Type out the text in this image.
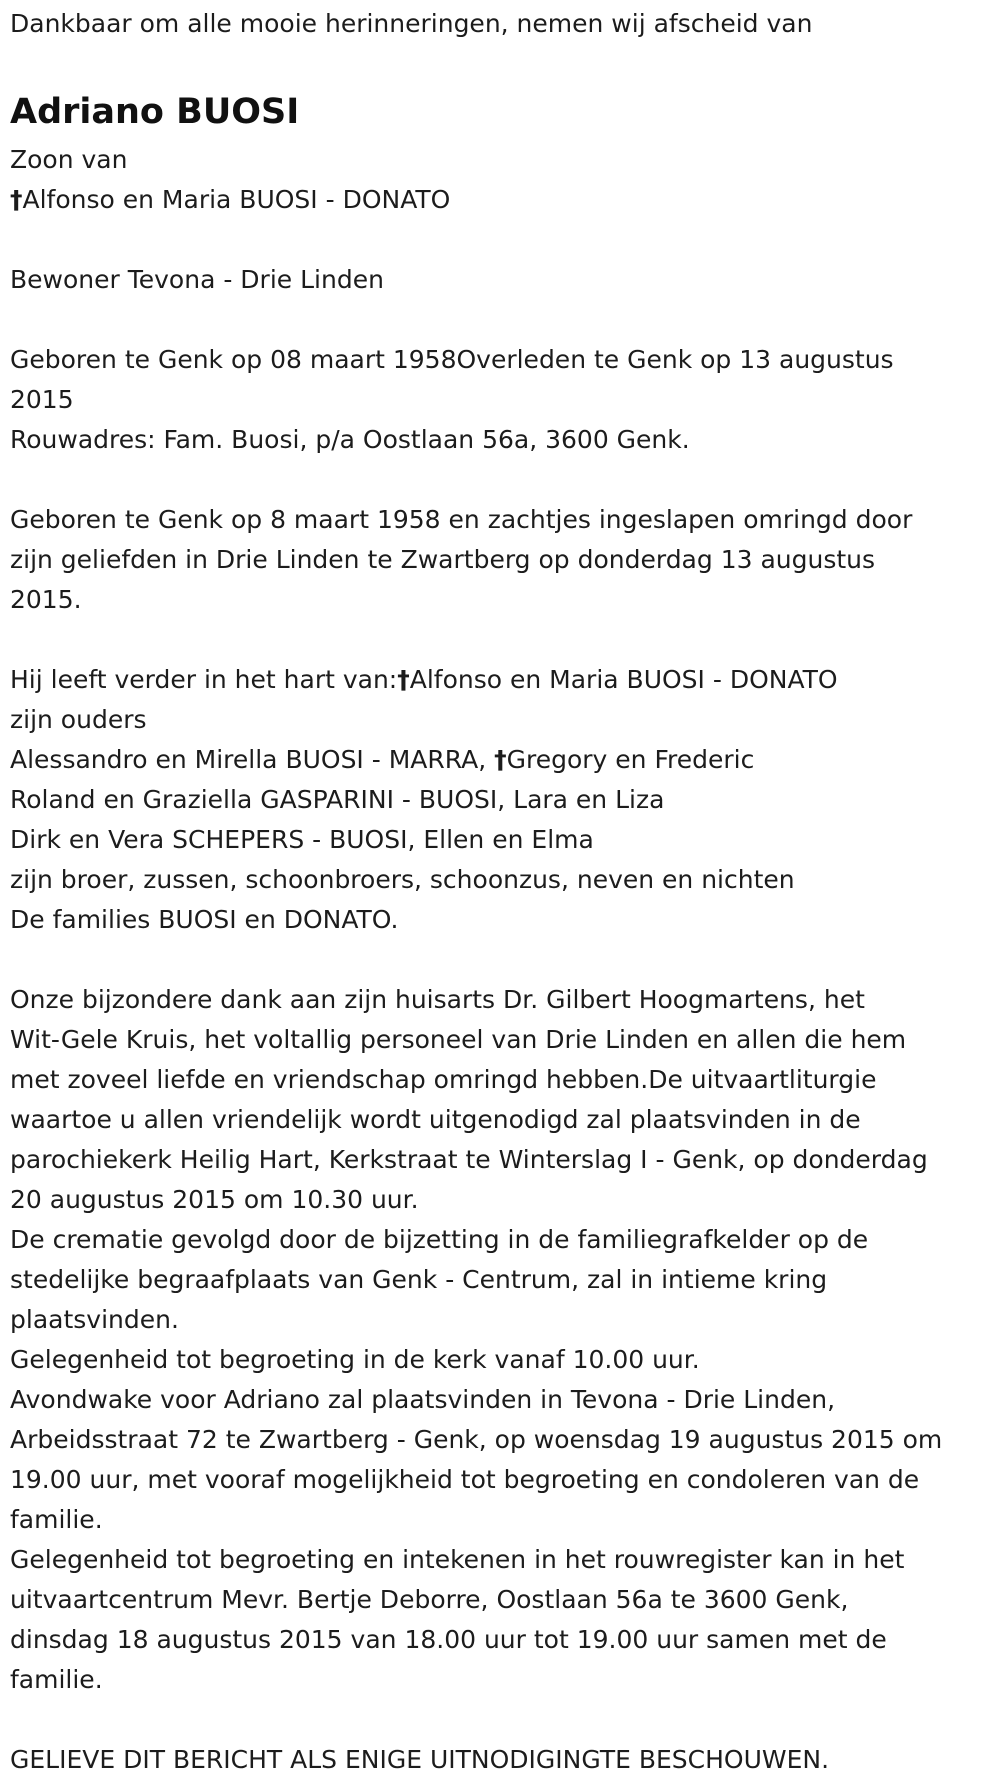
Dankbaar om alle mooie herinneringen, nemen wij afscheid van
Adriano BUOSI
Zoon van
†Alfonso en Maria BUOSI - DONATO
Bewoner Tevona - Drie Linden
Geboren te Genk op 08 maart 1958Overleden te Genk op 13 augustus
2015
Rouwadres: Fam. Buosi, p/a Oostlaan 56a, 3600 Genk.
Geboren te Genk op 8 maart 1958 en zachtjes ingeslapen omringd door
zijn geliefden in Drie Linden te Zwartberg op donderdag 13 augustus
2015.
Hij leeft verder in het hart van:†Alfonso en Maria BUOSI - DONATO
zijn ouders
Alessandro en Mirella BUOSI - MARRA, †Gregory en Frederic
Roland en Graziella GASPARINI - BUOSI, Lara en Liza
Dirk en Vera SCHEPERS - BUOSI, Ellen en Elma
zijn broer, zussen, schoonbroers, schoonzus, neven en nichten
De families BUOSI en DONATO.
Onze bijzondere dank aan zijn huisarts Dr. Gilbert Hoogmartens, het
Wit-Gele Kruis, het voltallig personeel van Drie Linden en allen die hem
met zoveel liefde en vriendschap omringd hebben.De uitvaartliturgie
waartoe u allen vriendelijk wordt uitgenodigd zal plaatsvinden in de
parochiekerk Heilig Hart, Kerkstraat te Winterslag I - Genk, op donderdag
20 augustus 2015 om 10.30 uur.
De crematie gevolgd door de bijzetting in de familiegrafkelder op de
stedelijke begraafplaats van Genk - Centrum, zal in intieme kring
plaatsvinden.
Gelegenheid tot begroeting in de kerk vanaf 10.00 uur.
Avondwake voor Adriano zal plaatsvinden in Tevona - Drie Linden,
Arbeidsstraat 72 te Zwartberg - Genk, op woensdag 19 augustus 2015 om
19.00 uur, met vooraf mogelijkheid tot begroeting en condoleren van de
familie.
Gelegenheid tot begroeting en intekenen in het rouwregister kan in het
uitvaartcentrum Mevr. Bertje Deborre, Oostlaan 56a te 3600 Genk,
dinsdag 18 augustus 2015 van 18.00 uur tot 19.00 uur samen met de
familie.
GELIEVE DIT BERICHT ALS ENIGE UITNODIGINGTE BESCHOUWEN.
